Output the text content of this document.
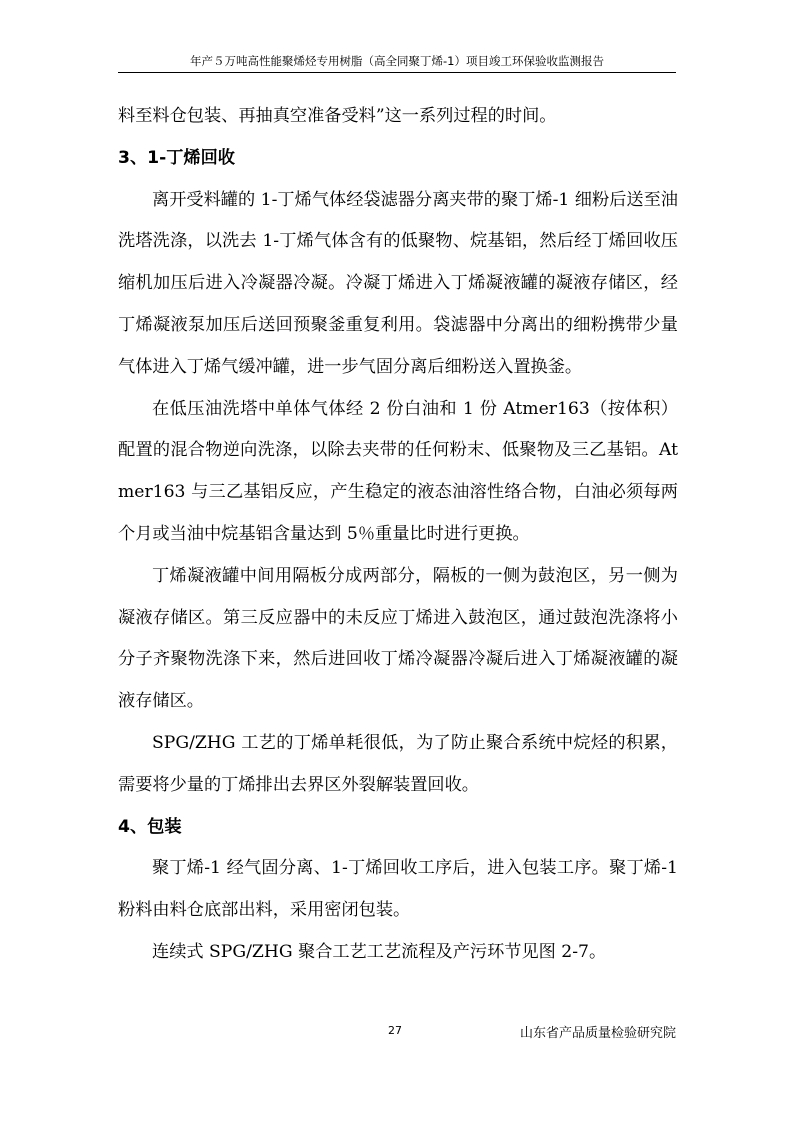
年产５万吨高性能聚烯烃专用树脂（高全同聚丁烯-1）项目竣工环保验收监测报告

料至料仓包装、再抽真空准备受料”这一系列过程的时间。

3、1-丁烯回收

离开受料罐的 1-丁烯气体经袋滤器分离夹带的聚丁烯-1 细粉后送至油洗塔洗涤，以洗去 1-丁烯气体含有的低聚物、烷基铝，然后经丁烯回收压缩机加压后进入冷凝器冷凝。冷凝丁烯进入丁烯凝液罐的凝液存储区，经丁烯凝液泵加压后送回预聚釜重复利用。袋滤器中分离出的细粉携带少量气体进入丁烯气缓冲罐，进一步气固分离后细粉送入置换釜。

在低压油洗塔中单体气体经 2 份白油和 1 份 Atmer163（按体积）配置的混合物逆向洗涤，以除去夹带的任何粉末、低聚物及三乙基铝。Atmer163 与三乙基铝反应，产生稳定的液态油溶性络合物，白油必须每两个月或当油中烷基铝含量达到 5％重量比时进行更换。

丁烯凝液罐中间用隔板分成两部分，隔板的一侧为鼓泡区，另一侧为凝液存储区。第三反应器中的未反应丁烯进入鼓泡区，通过鼓泡洗涤将小分子齐聚物洗涤下来，然后进回收丁烯冷凝器冷凝后进入丁烯凝液罐的凝液存储区。

SPG/ZHG 工艺的丁烯单耗很低，为了防止聚合系统中烷烃的积累，需要将少量的丁烯排出去界区外裂解装置回收。

4、包装

聚丁烯-1 经气固分离、1-丁烯回收工序后，进入包装工序。聚丁烯-1 粉料由料仓底部出料，采用密闭包装。

连续式 SPG/ZHG 聚合工艺工艺流程及产污环节见图 2-7。

27	山东省产品质量检验研究院
